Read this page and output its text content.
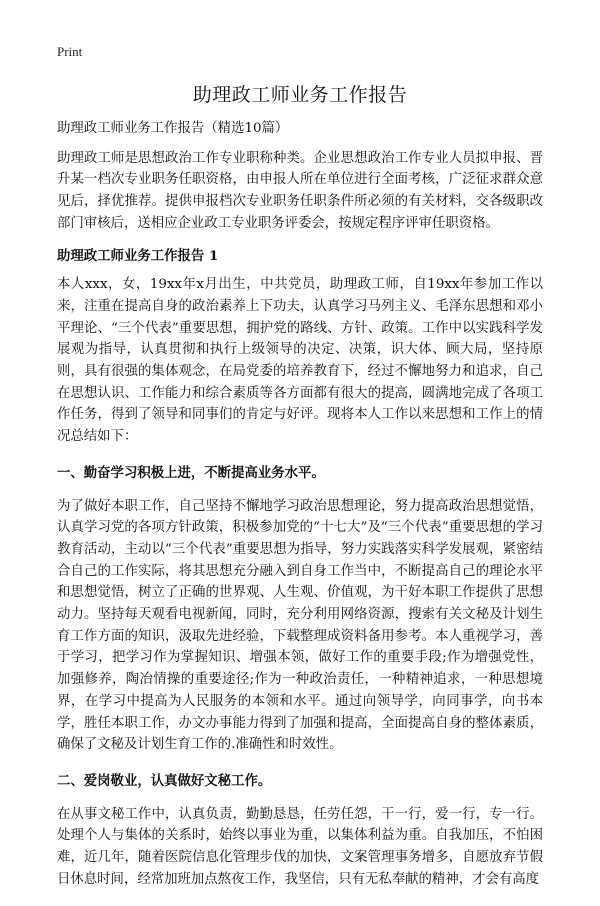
Print
助理政工师业务工作报告

助理政工师业务工作报告（精选10篇）

助理政工师是思想政治工作专业职称种类。企业思想政治工作专业人员拟申报、晋升某一档次专业职务任职资格，由申报人所在单位进行全面考核，广泛征求群众意见后，择优推荐。提供申报档次专业职务任职条件所必须的有关材料，交各级职改部门审核后，送相应企业政工专业职务评委会，按规定程序评审任职资格。

助理政工师业务工作报告 1

本人xxx，女，19xx年x月出生，中共党员，助理政工师，自19xx年参加工作以来，注重在提高自身的政治素养上下功夫，认真学习马列主义、毛泽东思想和邓小平理论、“三个代表”重要思想，拥护党的路线、方针、政策。工作中以实践科学发展观为指导，认真贯彻和执行上级领导的决定、决策，识大体、顾大局，坚持原则，具有很强的集体观念，在局党委的培养教育下，经过不懈地努力和追求，自己在思想认识、工作能力和综合素质等各方面都有很大的提高，圆满地完成了各项工作任务，得到了领导和同事们的肯定与好评。现将本人工作以来思想和工作上的情况总结如下：

一、勤奋学习积极上进，不断提高业务水平。

为了做好本职工作，自己坚持不懈地学习政治思想理论，努力提高政治思想觉悟，认真学习党的各项方针政策，积极参加党的“十七大”及“三个代表”重要思想的学习教育活动，主动以“三个代表”重要思想为指导，努力实践落实科学发展观，紧密结合自己的工作实际，将其思想充分融入到自身工作当中，不断提高自己的理论水平和思想觉悟，树立了正确的世界观、人生观、价值观，为干好本职工作提供了思想动力。坚持每天观看电视新闻，同时，充分利用网络资源，搜索有关文秘及计划生育工作方面的知识，汲取先进经验，下载整理成资料备用参考。本人重视学习，善于学习，把学习作为掌握知识、增强本领，做好工作的重要手段;作为增强党性，加强修养，陶冶情操的重要途径;作为一种政治责任，一种精神追求，一种思想境界，在学习中提高为人民服务的本领和水平。通过向领导学，向同事学，向书本学，胜任本职工作，办文办事能力得到了加强和提高，全面提高自身的整体素质，确保了文秘及计划生育工作的.准确性和时效性。

二、爱岗敬业，认真做好文秘工作。

在从事文秘工作中，认真负责，勤勤恳恳，任劳任怨，干一行，爱一行，专一行。处理个人与集体的关系时，始终以事业为重，以集体利益为重。自我加压，不怕困难，近几年，随着医院信息化管理步伐的加快，文案管理事务增多，自愿放弃节假日休息时间，经常加班加点熬夜工作，我坚信，只有无私奉献的精神，才会有高度
